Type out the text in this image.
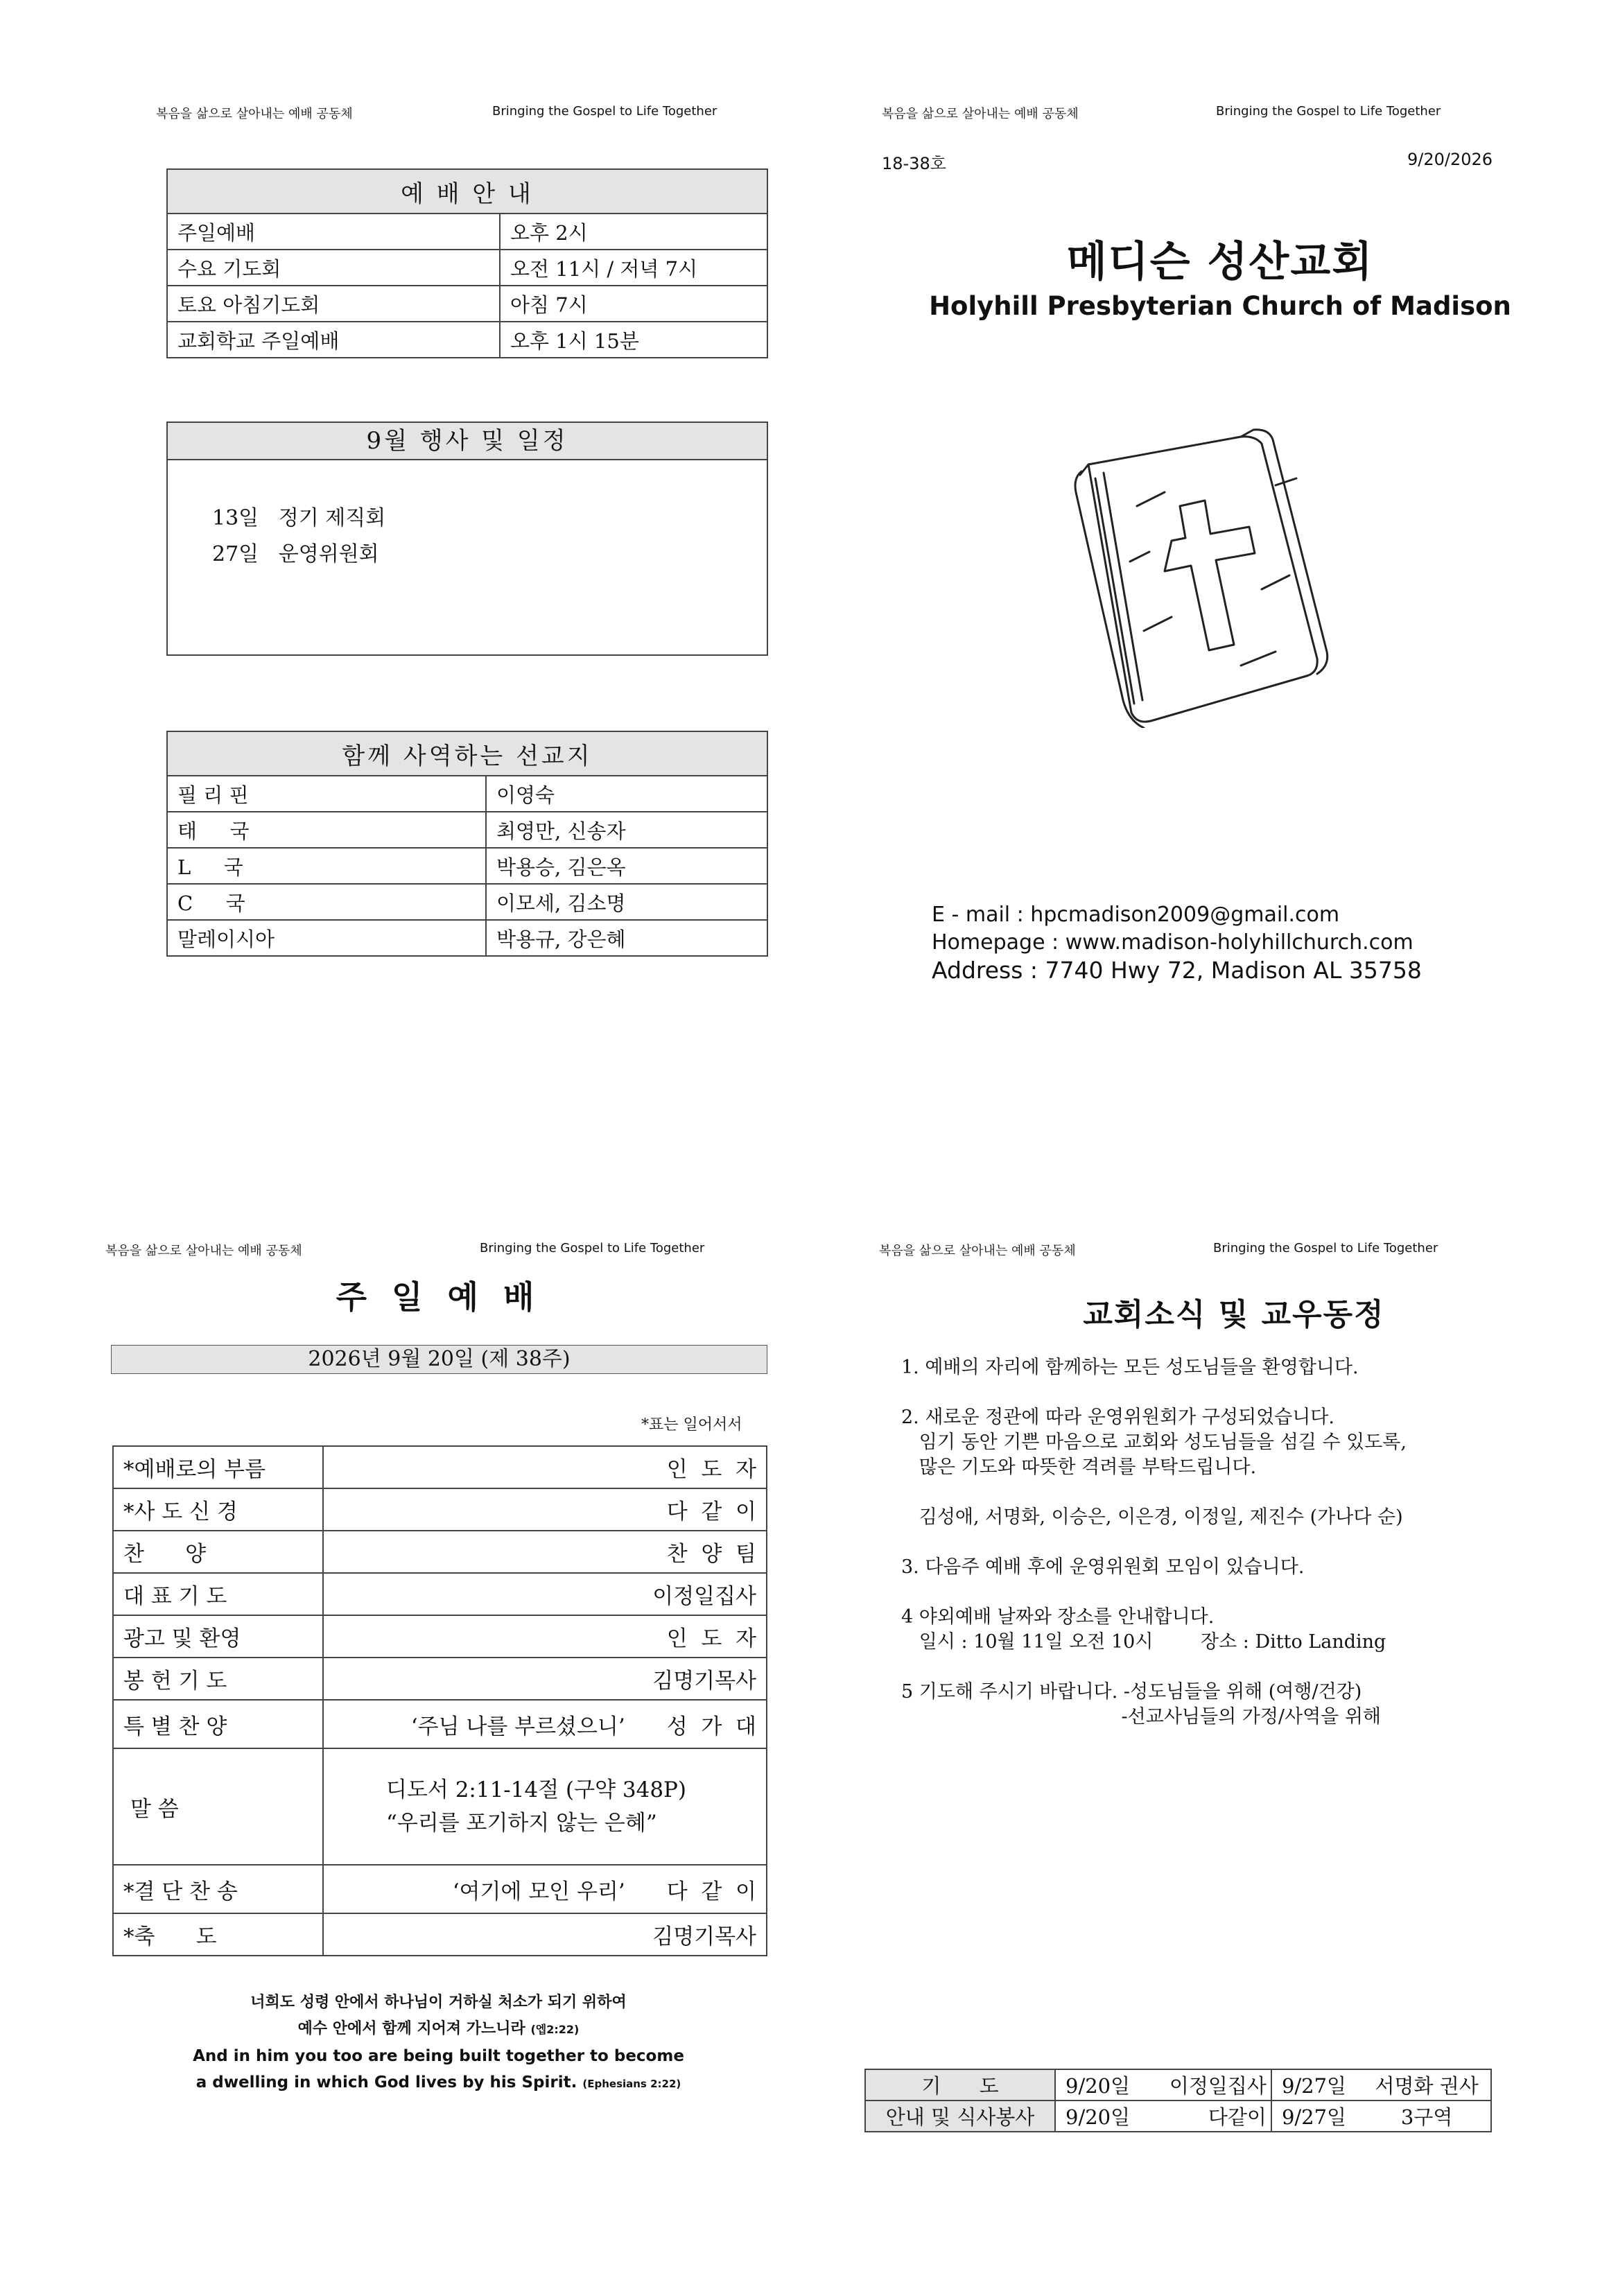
복음을 삶으로 살아내는 예배 공동체	Bringing the Gospel to Life Together	복음을 삶으로 살아내는 예배 공동체	Bringing the Gospel to Life Together
복음을 삶으로 살아내는 예배 공동체	Bringing the Gospel to Life Together	복음을 삶으로 살아내는 예배 공동체	Bringing the Gospel to Life Together
예 배 안 내	
주일예배	오후 2시
수요 기도회	오전 11시 / 저녁 7시
토요 아침기도회	아침 7시
교회학교 주일예배	오후 1시 15분
9월 행사 및 일정
13일 정기 제직회
27일 운영위원회
함께 사역하는 선교지	
필 리 핀	이영숙
태 　 국	최영만, 신송자
L 　 국	박용승, 김은옥
C 　 국	이모세, 김소명
말레이시아	박용규, 강은혜
18-38호	9/20/2026
메디슨 성산교회
Holyhill Presbyterian Church of Madison
E - mail : hpcmadison2009@gmail.com
Homepage : www.madison-holyhillchurch.com
Address : 7740 Hwy 72, Madison AL 35758
주 일 예 배
2026년 9월 20일 (제 38주)
*표는 일어서서
*예배로의 부름	인  도  자
*사 도 신 경	다  같  이
찬      양	찬  양  팀
대 표 기 도	이정일집사
광고 및 환영	인  도  자
봉 헌 기 도	김명기목사
특 별 찬 양	‘주님 나를 부르셨으니’ 성  가  대
말 씀	디도서 2:11-14절 (구약 348P)
“우리를 포기하지 않는 은혜”

*결 단 찬 송	‘여기에 모인 우리’ 다  같  이
*축      도	김명기목사
너희도 성령 안에서 하나님이 거하실 처소가 되기 위하여
예수 안에서 함께 지어져 가느니라 (엡2:22)
And in him you too are being built together to become
a dwelling in which God lives by his Spirit. (Ephesians 2:22)
교회소식 및 교우동정
1. 예배의 자리에 함께하는 모든 성도님들을 환영합니다.
2. 새로운 정관에 따라 운영위원회가 구성되었습니다.
임기 동안 기쁜 마음으로 교회와 성도님들을 섬길 수 있도록,
많은 기도와 따뜻한 격려를 부탁드립니다.
김성애, 서명화, 이승은, 이은경, 이정일, 제진수 (가나다 순)
3. 다음주 예배 후에 운영위원회 모임이 있습니다.
4 야외예배 날짜와 장소를 안내합니다.
일시 : 10월 11일 오전 10시        장소 : Ditto Landing
5 기도해 주시기 바랍니다. -성도님들을 위해 (여행/건강)
-선교사님들의 가정/사역을 위해
기      도	9/20일	이정일집사	9/27일	서명화 권사
안내 및 식사봉사	9/20일	다같이	9/27일	3구역
